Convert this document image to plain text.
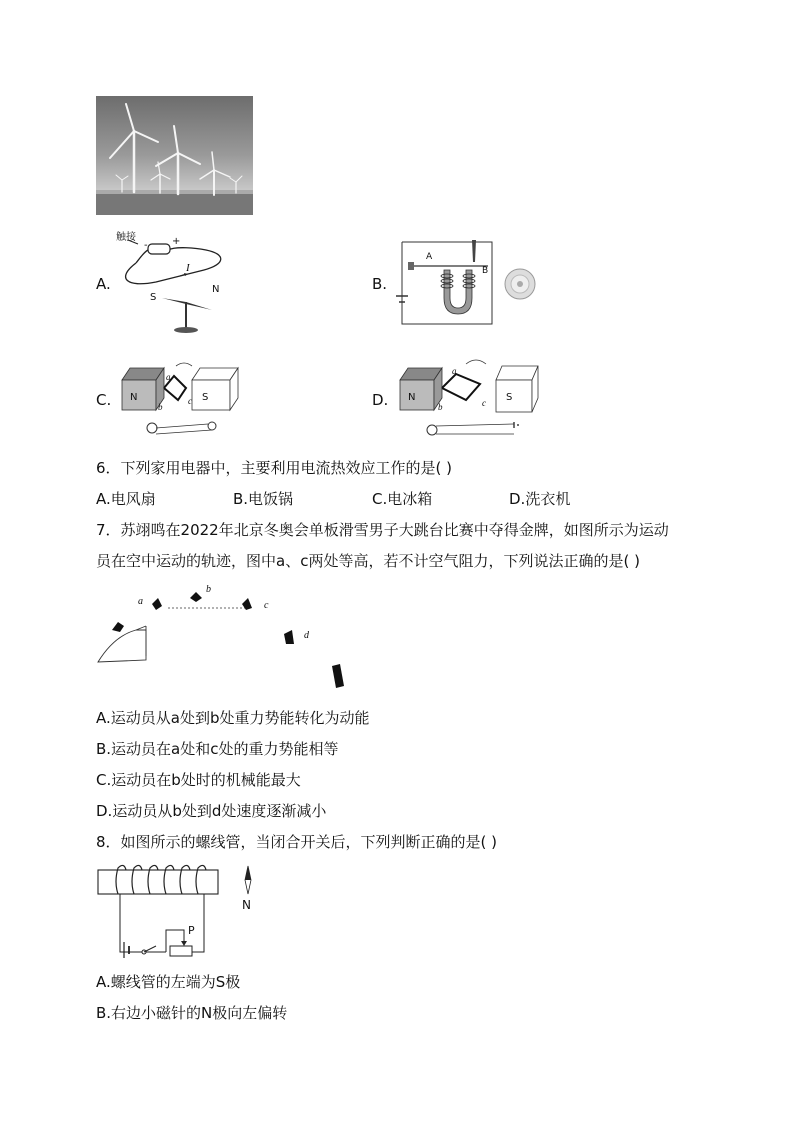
A.
触接
- +
I
S
N	B.
A
B
C. N	S
a
b
c	D. N	S
a
b	c
6．下列家用电器中，主要利用电流热效应工作的是( )
A.电风扇	B.电饭锅	C.电冰箱	D.洗衣机
7．苏翊鸣在2022年北京冬奥会单板滑雪男子大跳台比赛中夺得金牌，如图所示为运动
员在空中运动的轨迹，图中a、c两处等高，若不计空气阻力，下列说法正确的是( )
a
b
c
d
A.运动员从a处到b处重力势能转化为动能
B.运动员在a处和c处的重力势能相等
C.运动员在b处时的机械能最大
D.运动员从b处到d处速度逐渐减小
8．如图所示的螺线管，当闭合开关后，下列判断正确的是( )
P
N
A.螺线管的左端为S极
B.右边小磁针的N极向左偏转
